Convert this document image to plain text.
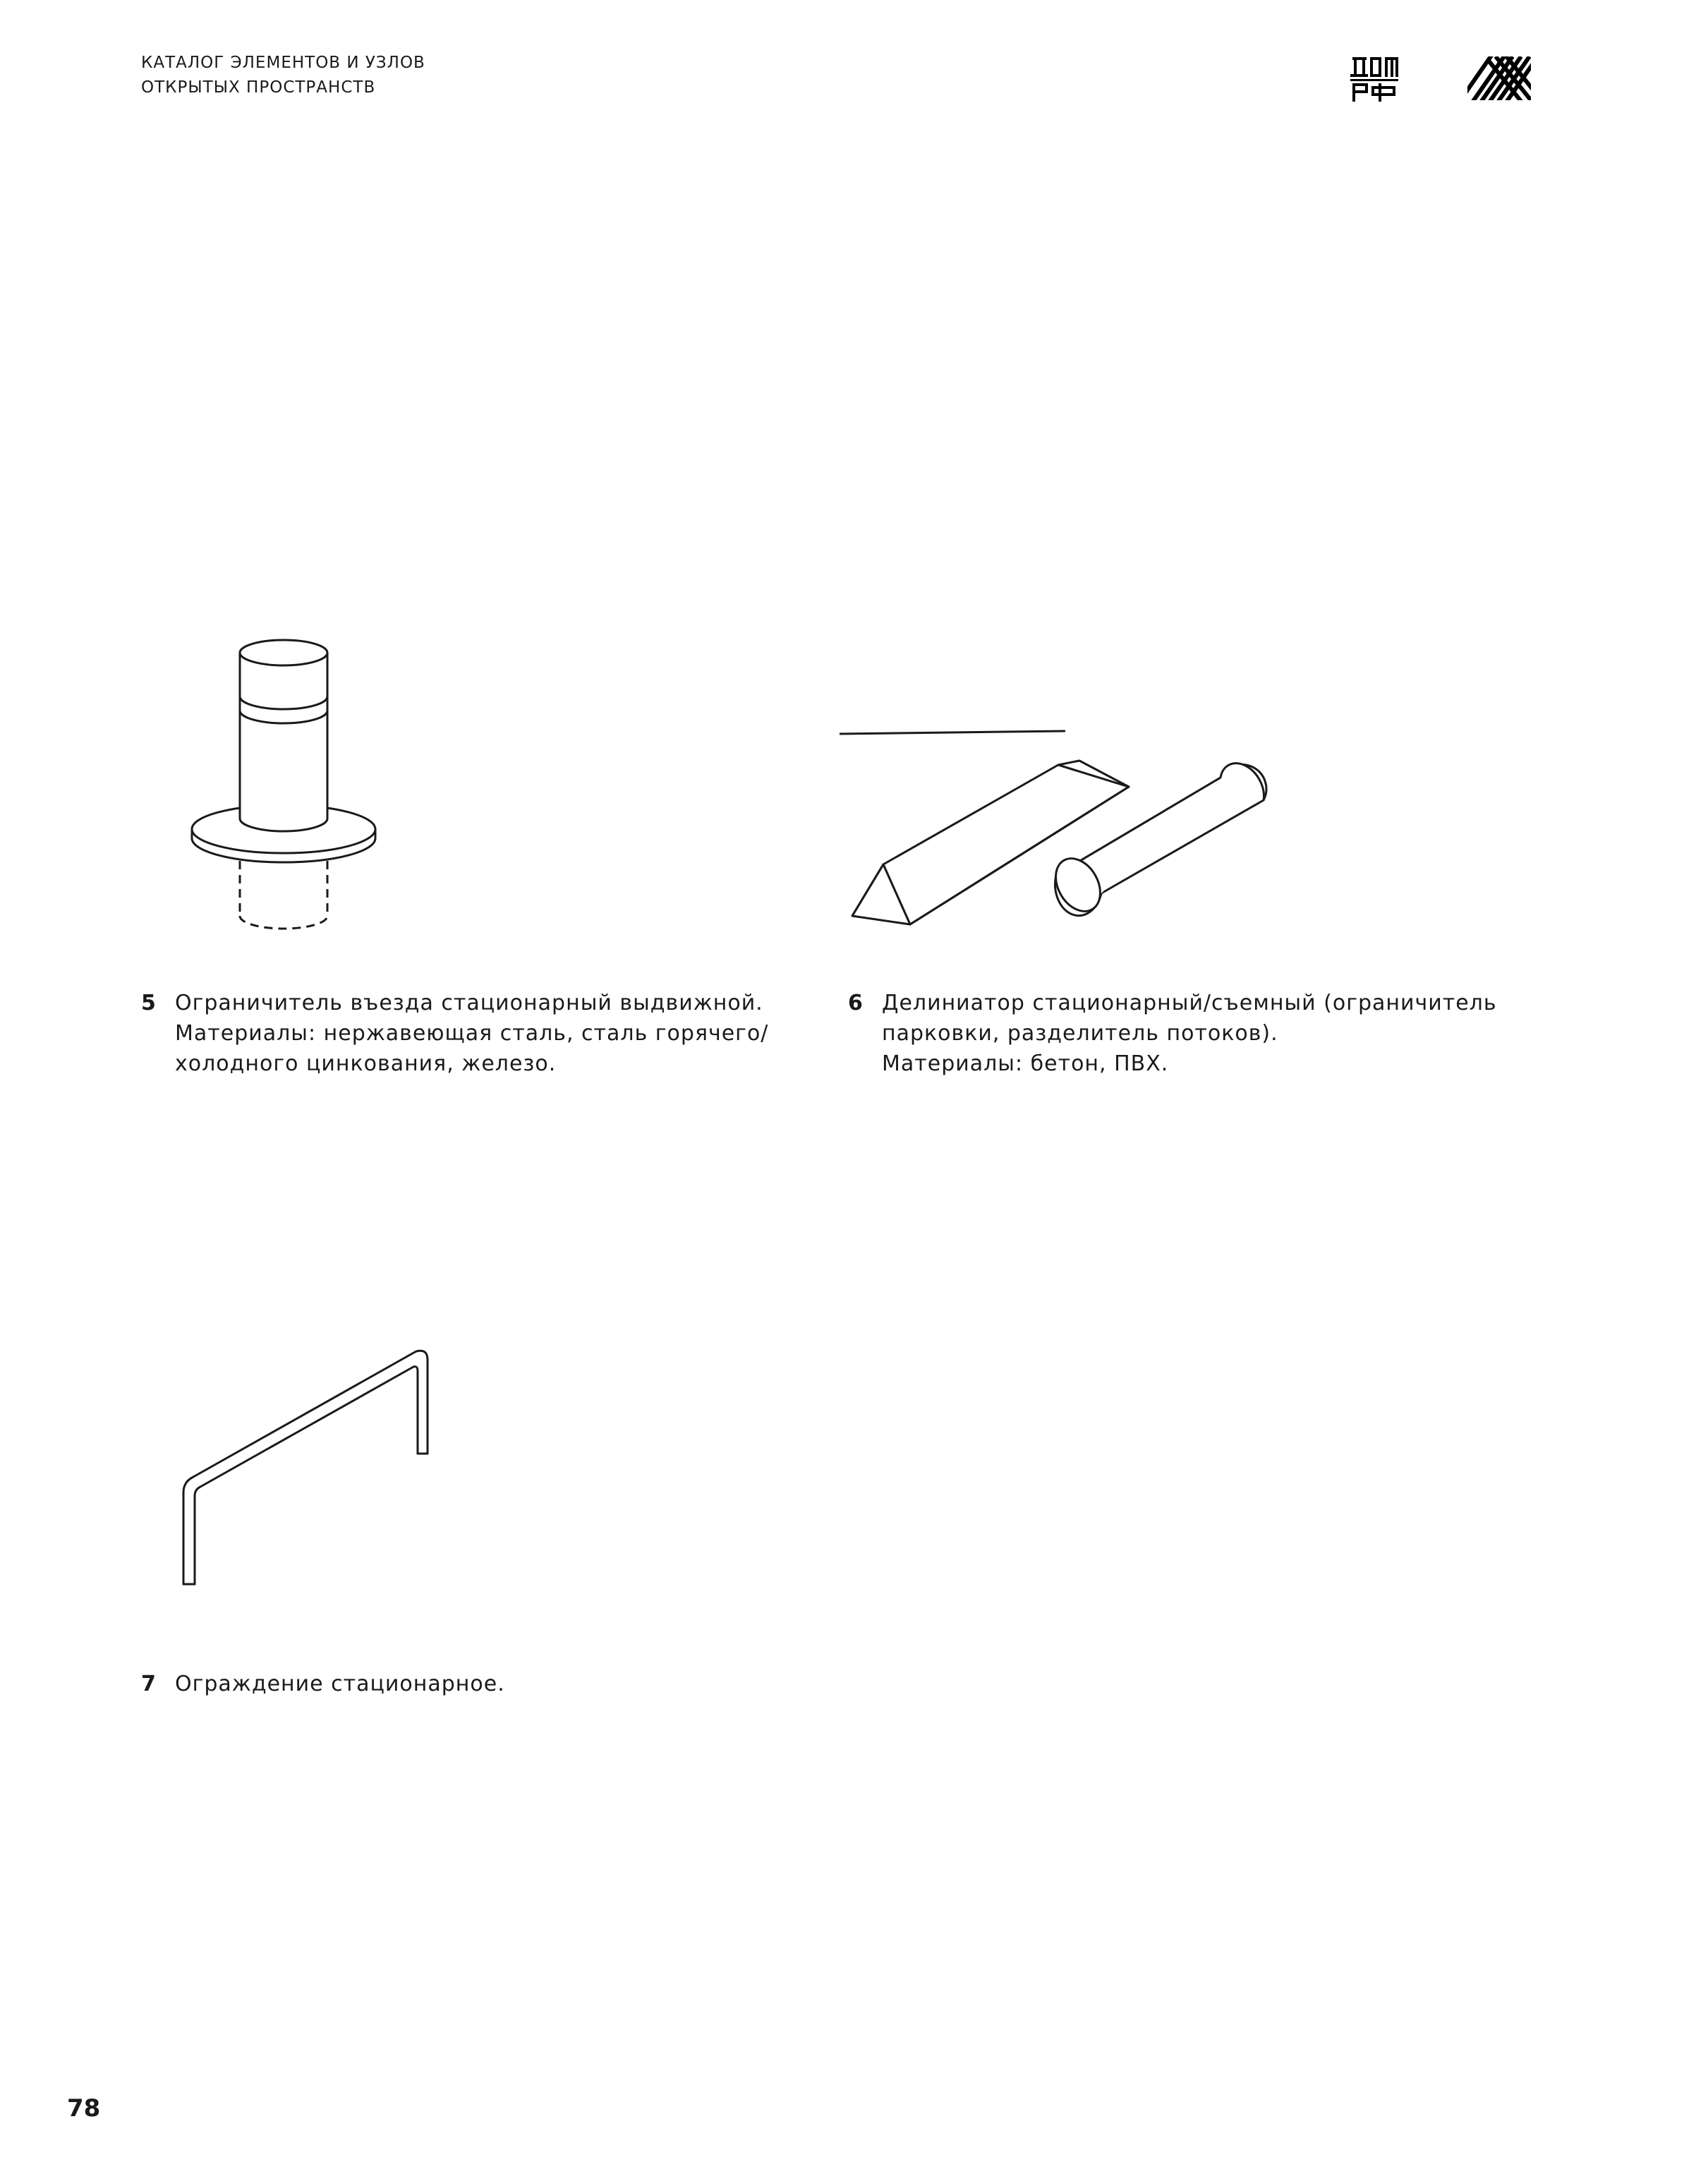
КАТАЛОГ ЭЛЕМЕНТОВ И УЗЛОВ
ОТКРЫТЫХ ПРОСТРАНСТВ
5 Ограничитель въезда стационарный выдвижной.
Материалы: нержавеющая сталь, сталь горячего/
холодного цинкования, железо.
6 Делиниатор стационарный/съемный (ограничитель
парковки, разделитель потоков).
Материалы: бетон, ПВХ.
7 Ограждение стационарное.
78
